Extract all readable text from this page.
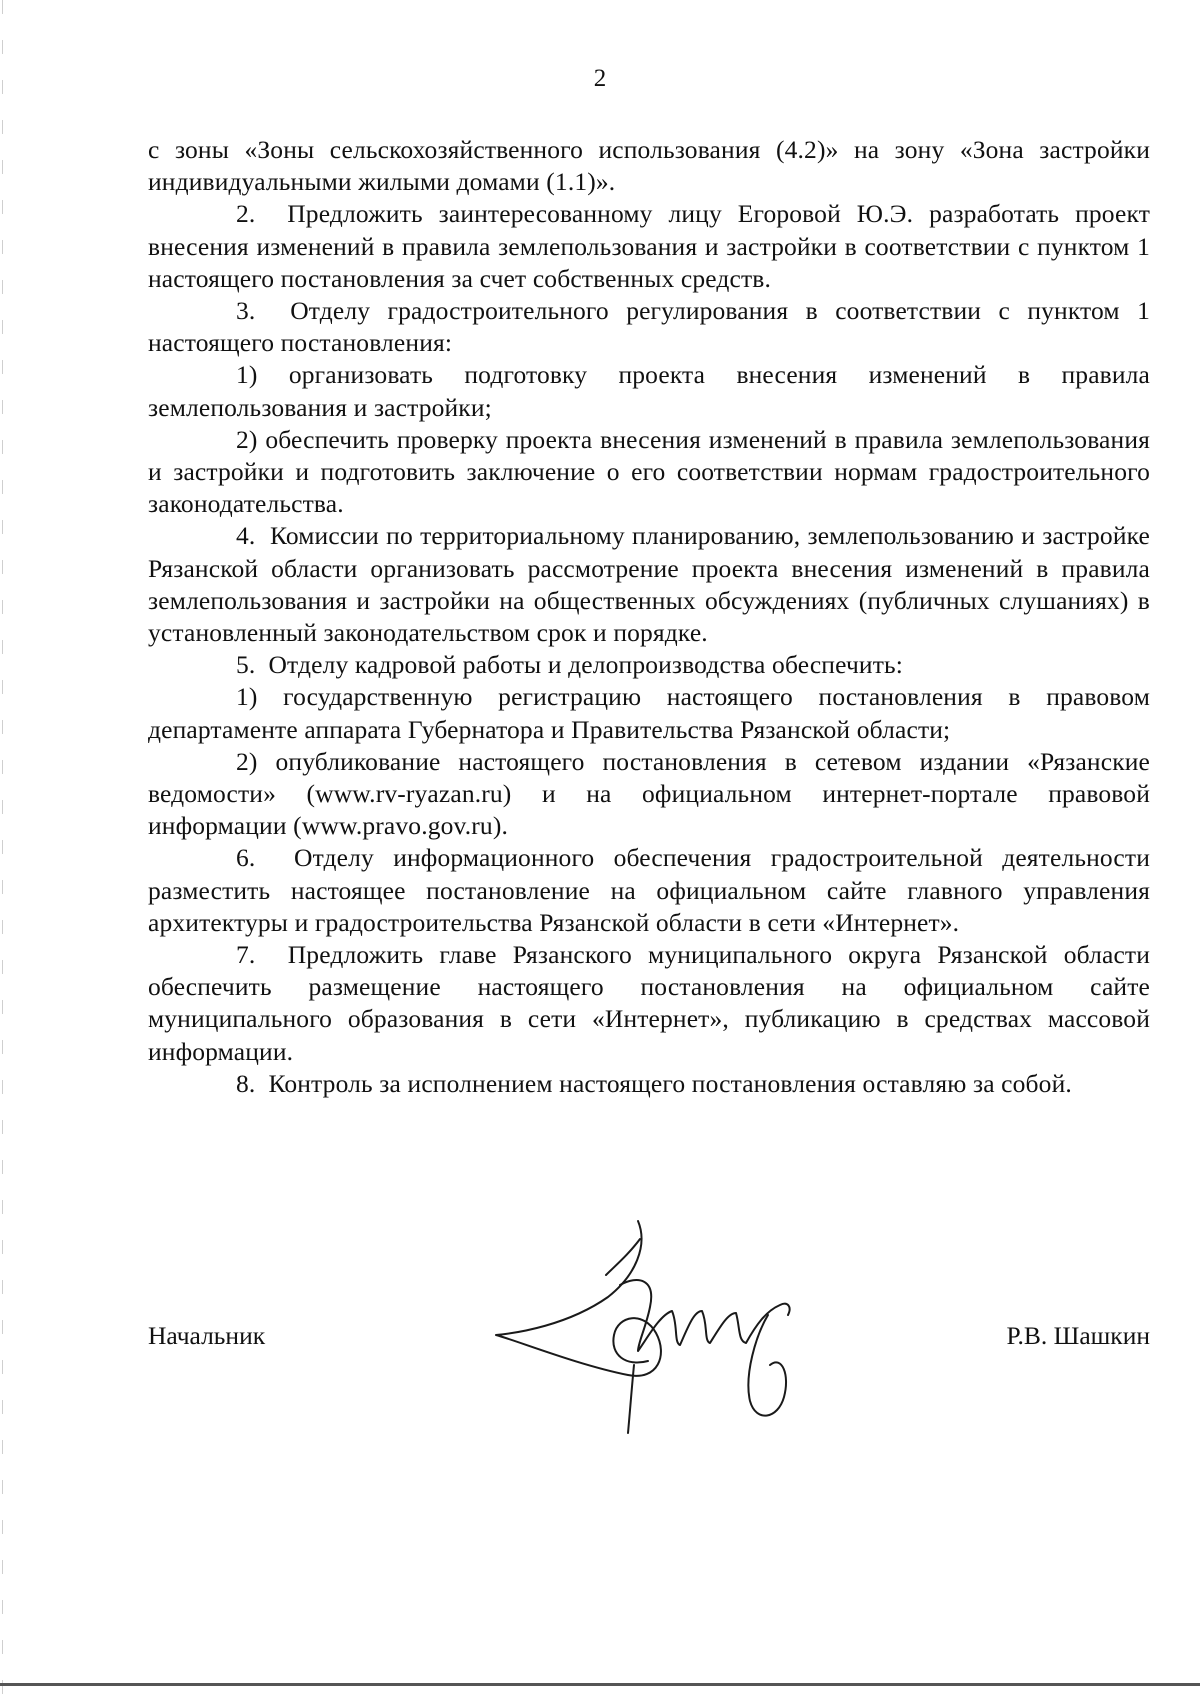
2

с зоны «Зоны сельскохозяйственного использования (4.2)» на зону «Зона застройки индивидуальными жилыми домами (1.1)».

2.  Предложить заинтересованному лицу Егоровой Ю.Э. разработать проект внесения изменений в правила землепользования и застройки в соответствии с пунктом 1 настоящего постановления за счет собственных средств.

3.  Отделу градостроительного регулирования в соответствии с пунктом 1 настоящего постановления:

1) организовать подготовку проекта внесения изменений в правила землепользования и застройки;

2) обеспечить проверку проекта внесения изменений в правила землепользования и застройки и подготовить заключение о его соответствии нормам градостроительного законодательства.

4.  Комиссии по территориальному планированию, землепользованию и застройке Рязанской области организовать рассмотрение проекта внесения изменений в правила землепользования и застройки на общественных обсуждениях (публичных слушаниях) в установленный законодательством срок и порядке.

5.  Отделу кадровой работы и делопроизводства обеспечить:

1) государственную регистрацию настоящего постановления в правовом департаменте аппарата Губернатора и Правительства Рязанской области;

2) опубликование настоящего постановления в сетевом издании «Рязанские ведомости» (www.rv-ryazan.ru) и на официальном интернет-портале правовой информации (www.pravo.gov.ru).

6.  Отделу информационного обеспечения градостроительной деятельности разместить настоящее постановление на официальном сайте главного управления архитектуры и градостроительства Рязанской области в сети «Интернет».

7.  Предложить главе Рязанского муниципального округа Рязанской области обеспечить размещение настоящего постановления на официальном сайте муниципального образования в сети «Интернет», публикацию в средствах массовой информации.

8.  Контроль за исполнением настоящего постановления оставляю за собой.

Начальник	Р.В. Шашкин
